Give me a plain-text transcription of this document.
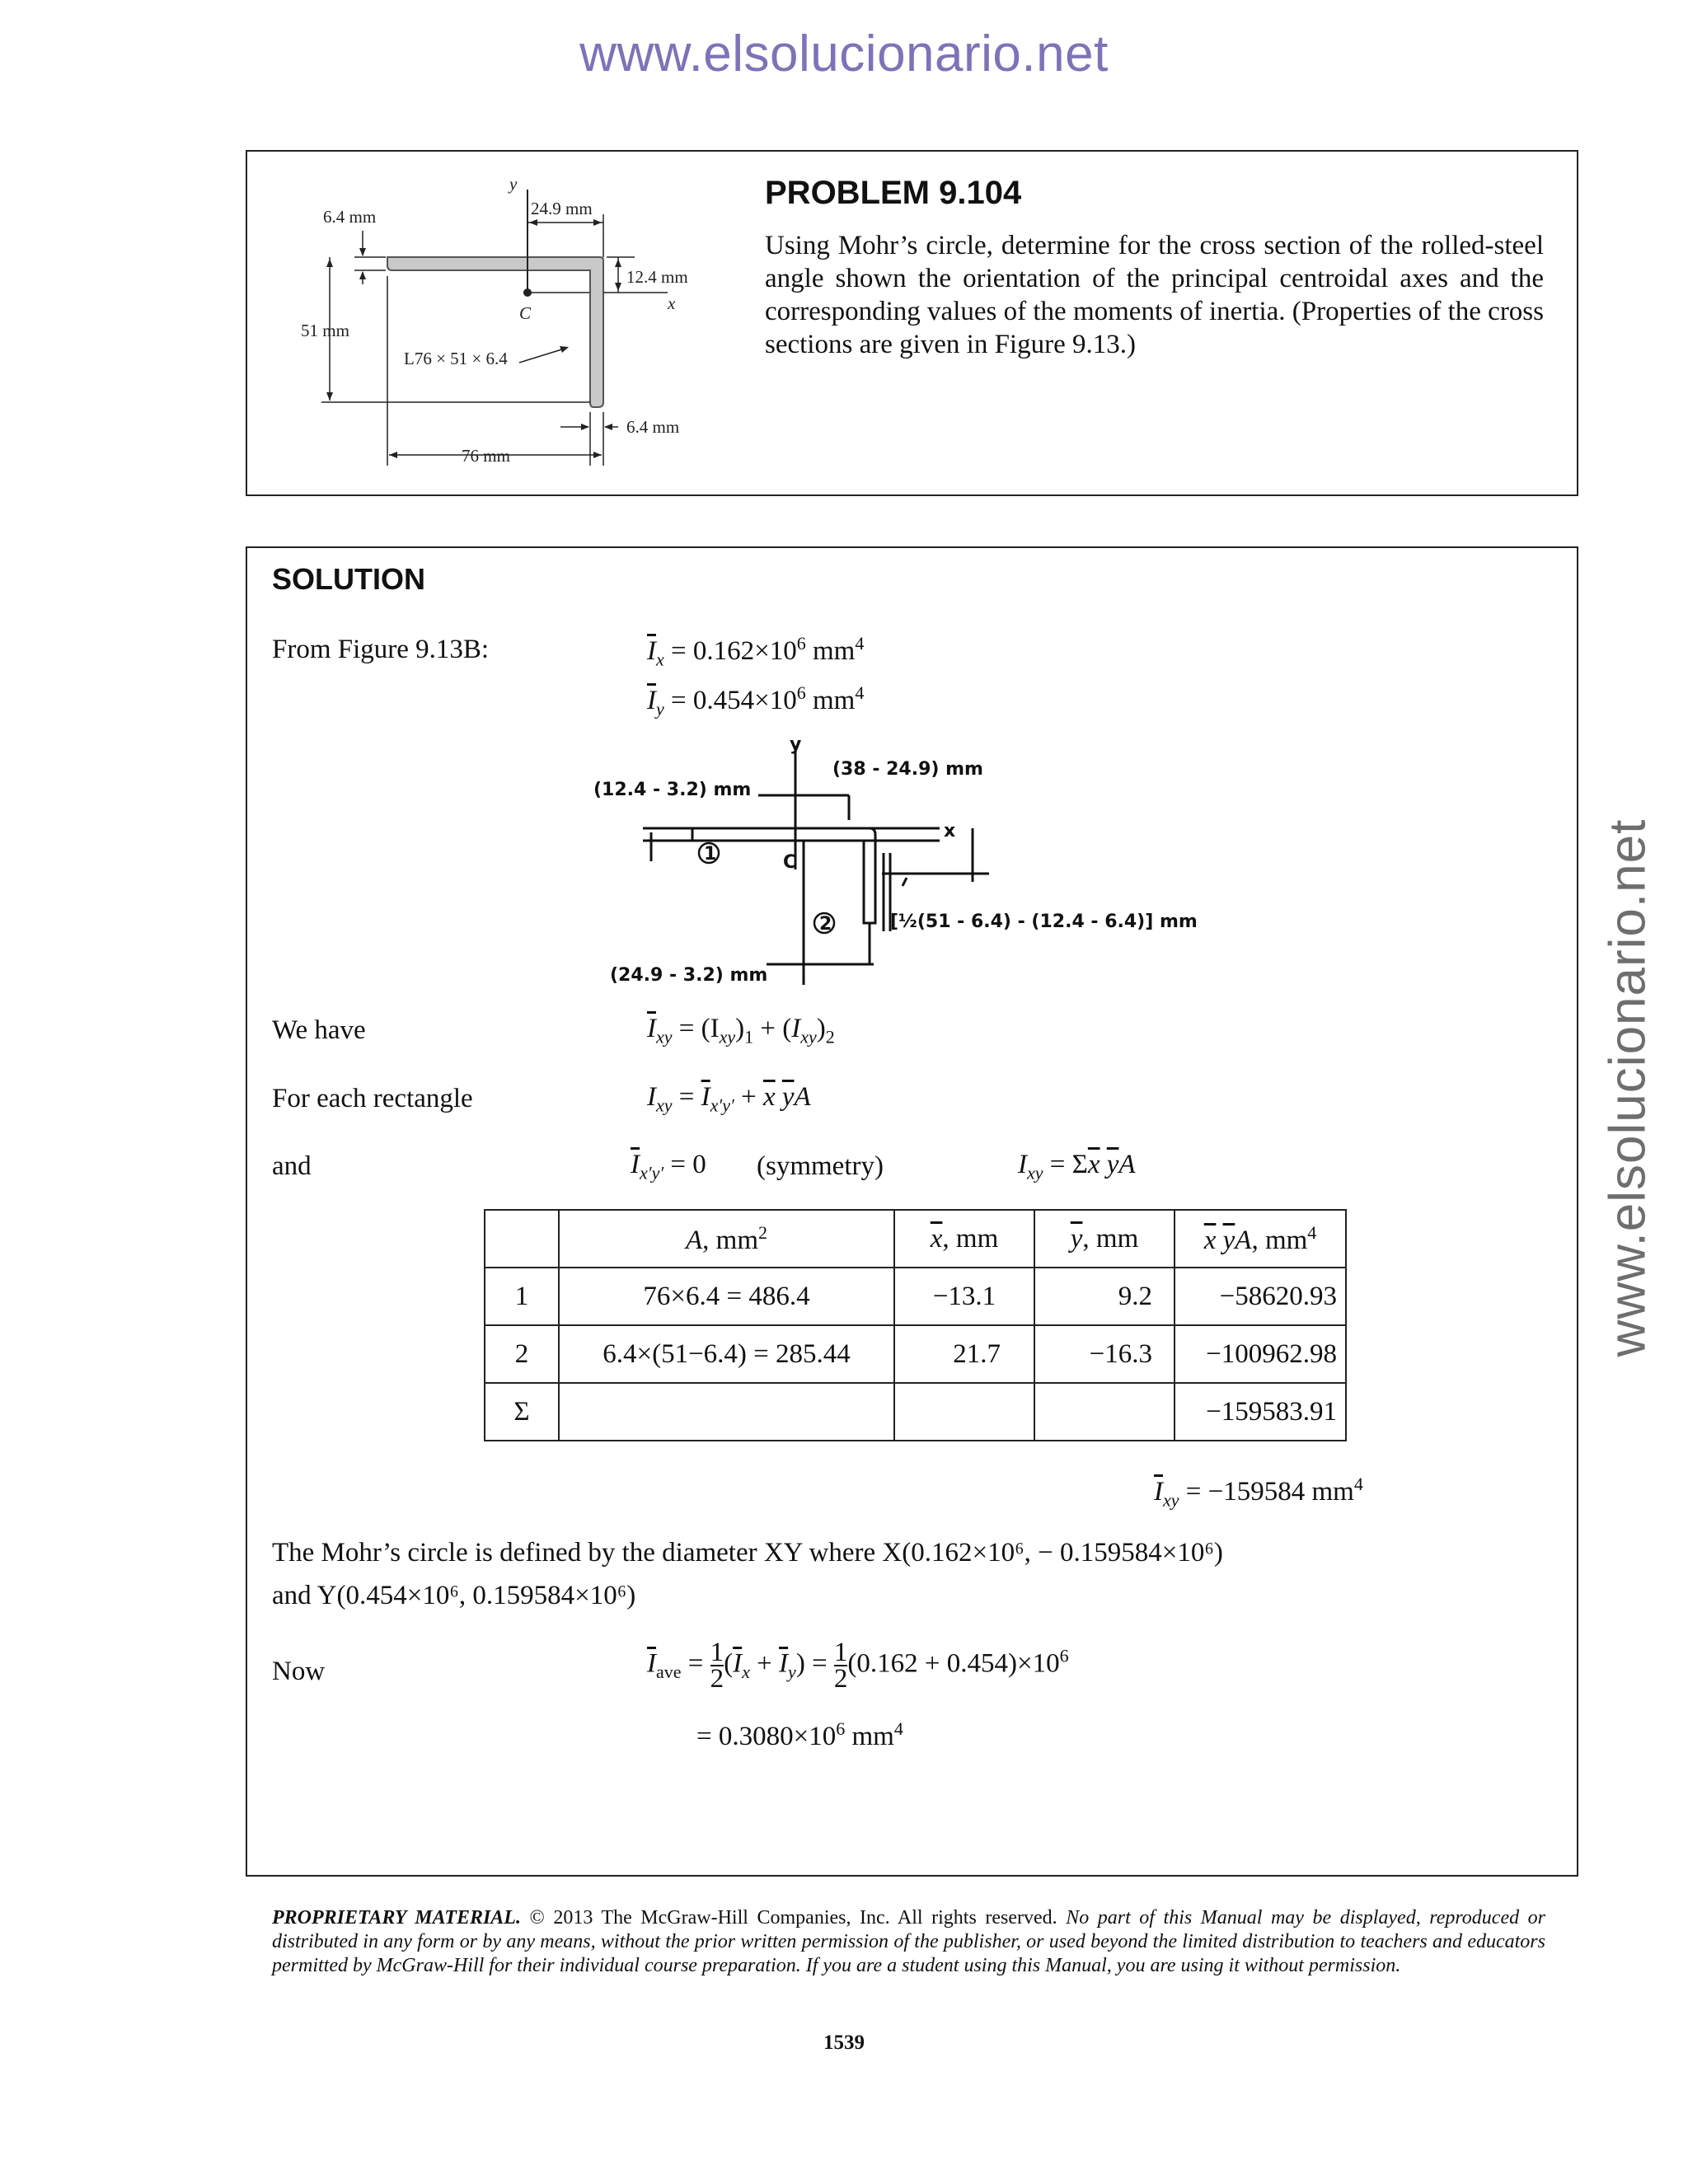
www.elsolucionario.net
www.elsolucionario.net
6.4 mm	24.9 mm
12.4 mm
51 mm
L76 × 51 × 6.4
6.4 mm
76 mm
y
x
C
PROBLEM 9.104
Using Mohr’s circle, determine for the cross section of the rolled-steel angle shown the orientation of the principal centroidal axes and the corresponding values of the moments of inertia. (Properties of the cross sections are given in Figure 9.13.)
SOLUTION
From Figure 9.13B:	$\overline{I}_x = 0.162\times 10^6$ $mm^4$
$\overline{I}_y = 0.454\times 10^6$ $mm^4$
(12.4 - 3.2) mm
(38 - 24.9) mm
[½(51 - 6.4) - (12.4 - 6.4)] mm
(24.9 - 3.2) mm
y
x
C
1
2
We have	$\overline{I}_{xy} = (I_{xy})_1 + (I_{xy})_2$
For each rectangle	$I_{xy} = \overline{I}_{x'y'} + \overline{x}$ $\overline{y}A$
and	$\overline{I}_{x'y'} = 0$ (symmetry)	$I_{xy} = \Sigma\overline{x}$ $\overline{y}A$
	A, $mm^2$	$\overline{x}$, mm	$\overline{y}$, mm	$\overline{x}$ $\overline{y}A$, $mm^4$
1	76×6.4 = 486.4	−13.1	9.2	−58620.93
2	6.4×(51−6.4) = 285.44	21.7	−16.3	−100962.98
Σ				−159583.91
$\overline{I}_{xy} = -159584$ $mm^4$
The Mohr’s circle is defined by the diameter XY where X(0.162×10⁶, − 0.159584×10⁶)
and Y(0.454×10⁶, 0.159584×10⁶)
Now	$\overline{I}_{ave} = \frac{1}{2} (\overline{I}_x + \overline{I}_y) = \frac{1}{2} (0.162 + 0.454)\times 10^6$
= $0.3080\times 10^6$ $mm^4$
PROPRIETARY MATERIAL. © 2013 The McGraw-Hill Companies, Inc. All rights reserved. No part of this Manual may be displayed, reproduced or distributed in any form or by any means, without the prior written permission of the publisher, or used beyond the limited distribution to teachers and educators permitted by McGraw-Hill for their individual course preparation. If you are a student using this Manual, you are using it without permission.
1539
